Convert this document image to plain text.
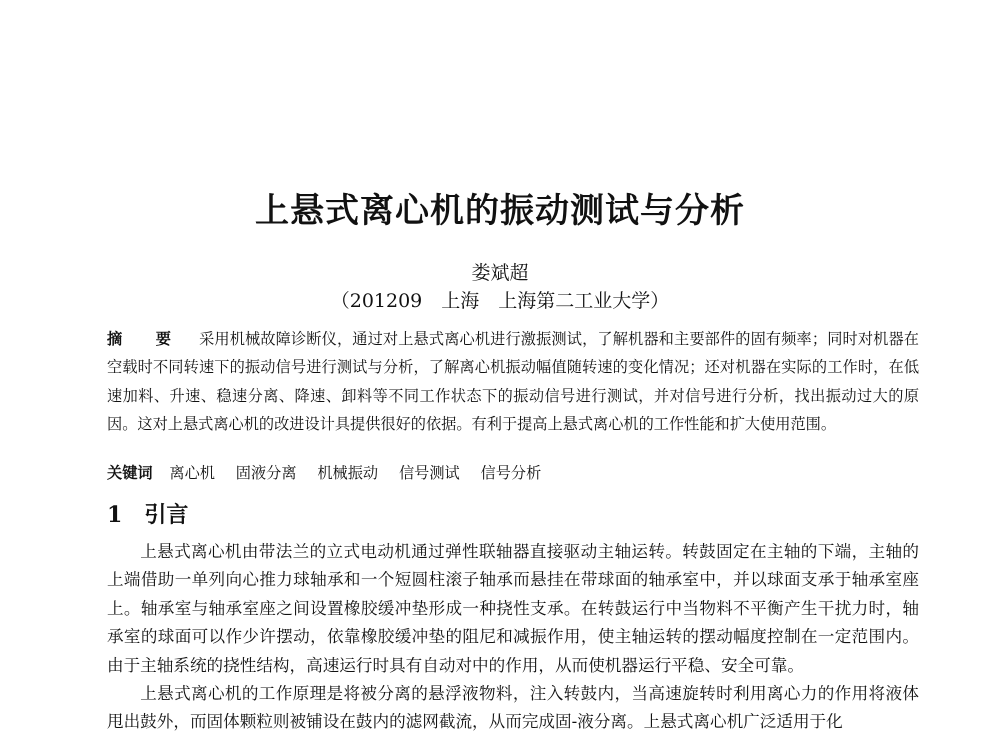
上悬式离心机的振动测试与分析
娄斌超
（201209　上海　上海第二工业大学）
摘 要 采用机械故障诊断仪，通过对上悬式离心机进行激振测试，了解机器和主要部件的固有频率；同时对机器在空载时不同转速下的振动信号进行测试与分析，了解离心机振动幅值随转速的变化情况；还对机器在实际的工作时，在低速加料、升速、稳速分离、降速、卸料等不同工作状态下的振动信号进行测试，并对信号进行分析，找出振动过大的原因。这对上悬式离心机的改进设计具提供很好的依据。有利于提高上悬式离心机的工作性能和扩大使用范围。
关键词 离心机 固液分离 机械振动 信号测试 信号分析
1 引言

上悬式离心机由带法兰的立式电动机通过弹性联轴器直接驱动主轴运转。转鼓固定在主轴的下端，主轴的上端借助一单列向心推力球轴承和一个短圆柱滚子轴承而悬挂在带球面的轴承室中，并以球面支承于轴承室座上。轴承室与轴承室座之间设置橡胶缓冲垫形成一种挠性支承。在转鼓运行中当物料不平衡产生干扰力时，轴承室的球面可以作少许摆动，依靠橡胶缓冲垫的阻尼和减振作用，使主轴运转的摆动幅度控制在一定范围内。由于主轴系统的挠性结构，高速运行时具有自动对中的作用，从而使机器运行平稳、安全可靠。

上悬式离心机的工作原理是将被分离的悬浮液物料，注入转鼓内，当高速旋转时利用离心力的作用将液体甩出鼓外，而固体颗粒则被铺设在鼓内的滤网截流，从而完成固-液分离。上悬式离心机广泛适用于化
